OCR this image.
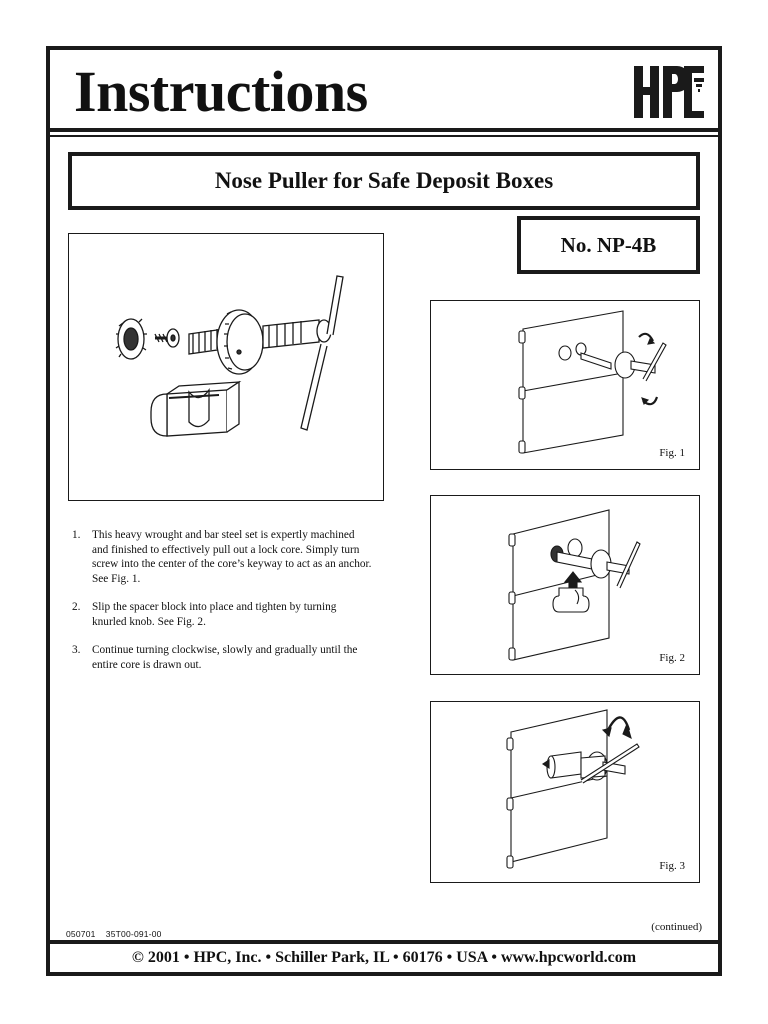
Instructions
Nose Puller for Safe Deposit Boxes
No. NP-4B
Fig. 1
Fig. 2
Fig. 3
1.	This heavy wrought and bar steel set is expertly machined and finished to effectively pull out a lock core. Simply turn screw into the center of the core’s keyway to act as an anchor. See Fig. 1.
2.	Slip the spacer block into place and tighten by turning knurled knob. See Fig. 2.
3.	Continue turning clockwise, slowly and gradually until the entire core is drawn out.
050701    35T00-091-00
(continued)
© 2001 • HPC, Inc. • Schiller Park, IL • 60176 • USA • www.hpcworld.com
